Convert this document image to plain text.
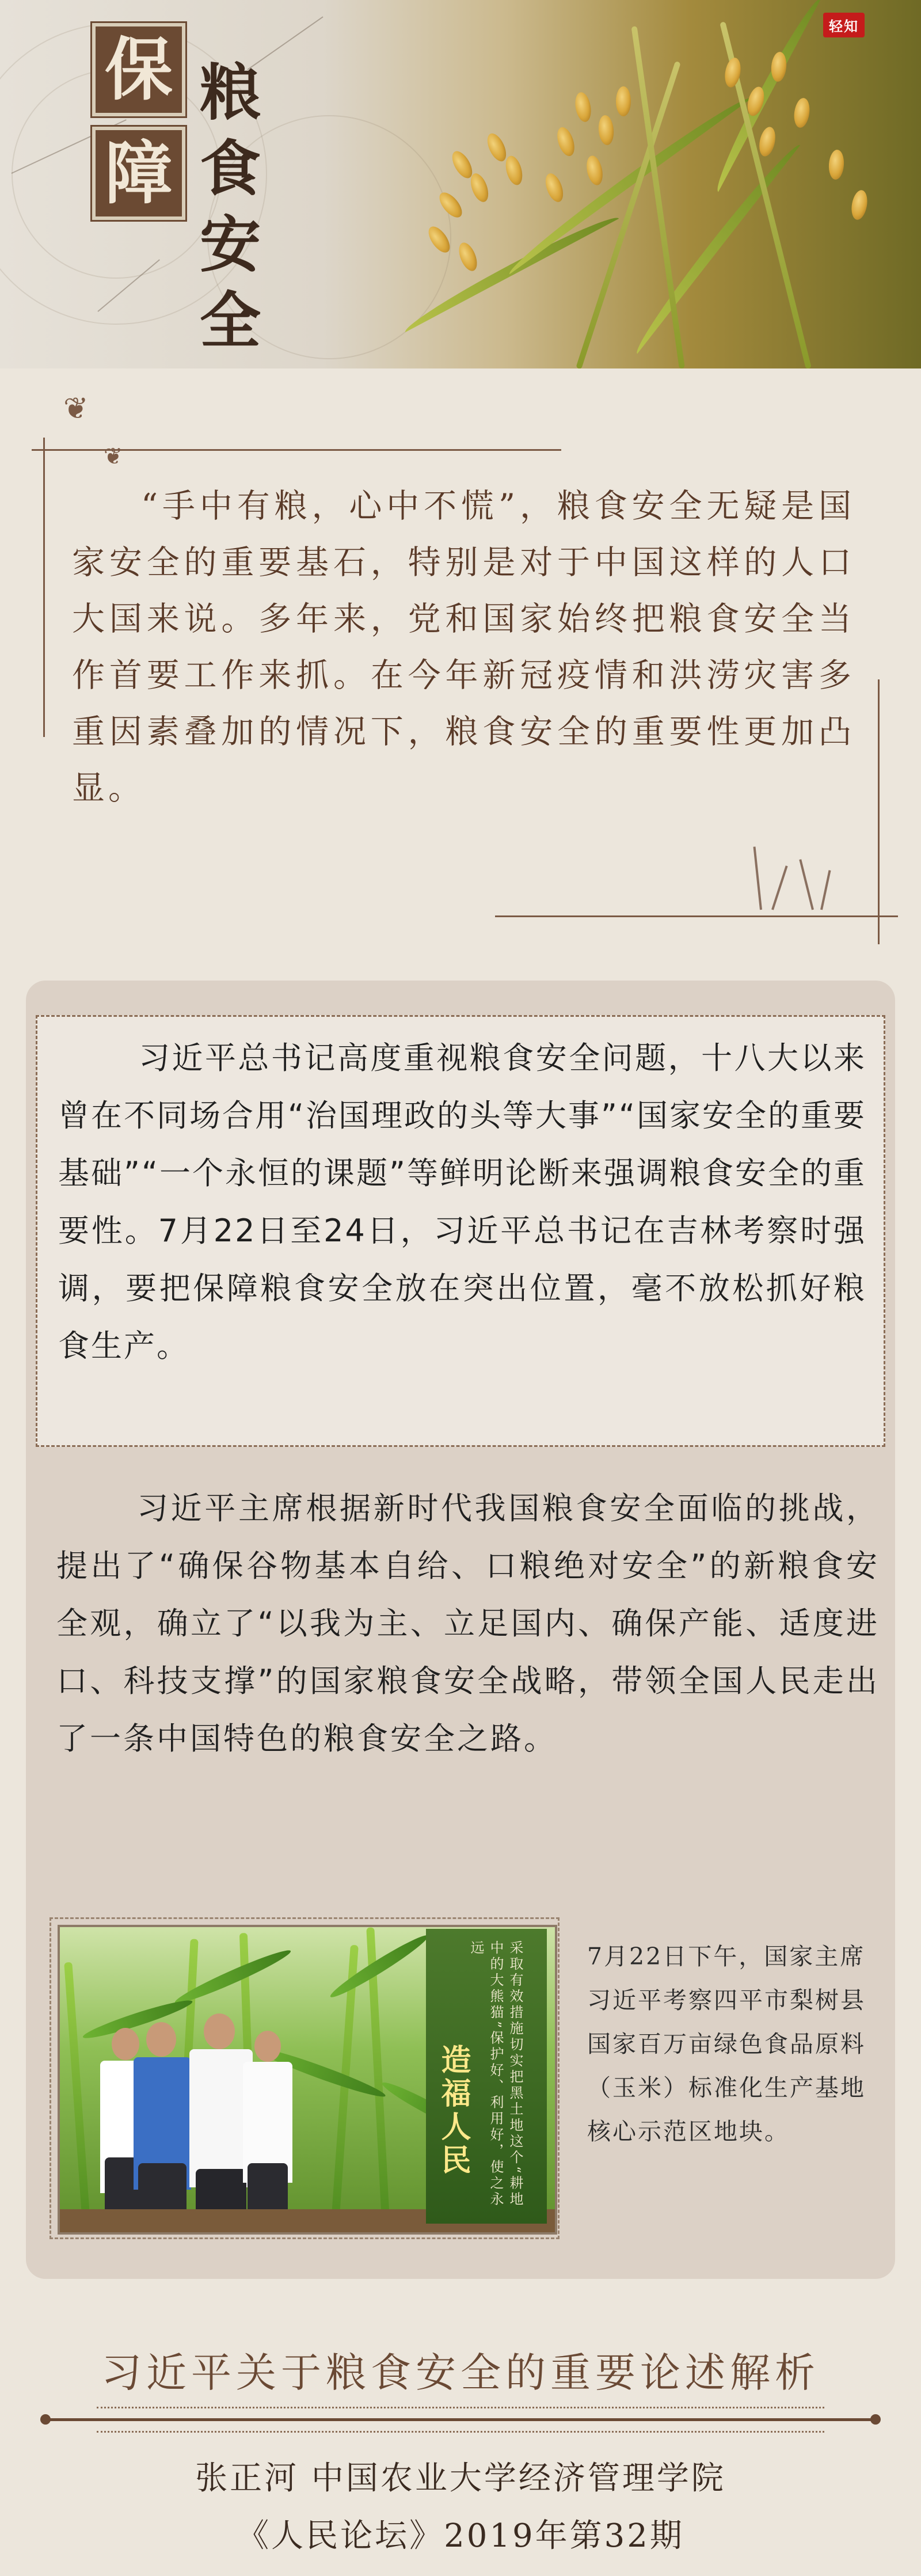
保
障
粮食安全
轻知
❦
❦

“手中有粮，心中不慌”，粮食安全无疑是国家安全的重要基石，特别是对于中国这样的人口大国来说。多年来，党和国家始终把粮食安全当作首要工作来抓。在今年新冠疫情和洪涝灾害多重因素叠加的情况下，粮食安全的重要性更加凸显。

习近平总书记高度重视粮食安全问题，十八大以来曾在不同场合用“治国理政的头等大事”“国家安全的重要基础”“一个永恒的课题”等鲜明论断来强调粮食安全的重要性。7月22日至24日，习近平总书记在吉林考察时强调，要把保障粮食安全放在突出位置，毫不放松抓好粮食生产。

习近平主席根据新时代我国粮食安全面临的挑战，提出了“确保谷物基本自给、口粮绝对安全”的新粮食安全观，确立了“以我为主、立足国内、确保产能、适度进口、科技支撑”的国家粮食安全战略，带领全国人民走出了一条中国特色的粮食安全之路。

采取有效措施切实把黑土地这个“耕地中的大熊猫”保护好、利用好，使之永远
造福人民

7月22日下午，国家主席习近平考察四平市梨树县国家百万亩绿色食品原料（玉米）标准化生产基地核心示范区地块。

习近平关于粮食安全的重要论述解析
张正河 中国农业大学经济管理学院
《人民论坛》2019年第32期
